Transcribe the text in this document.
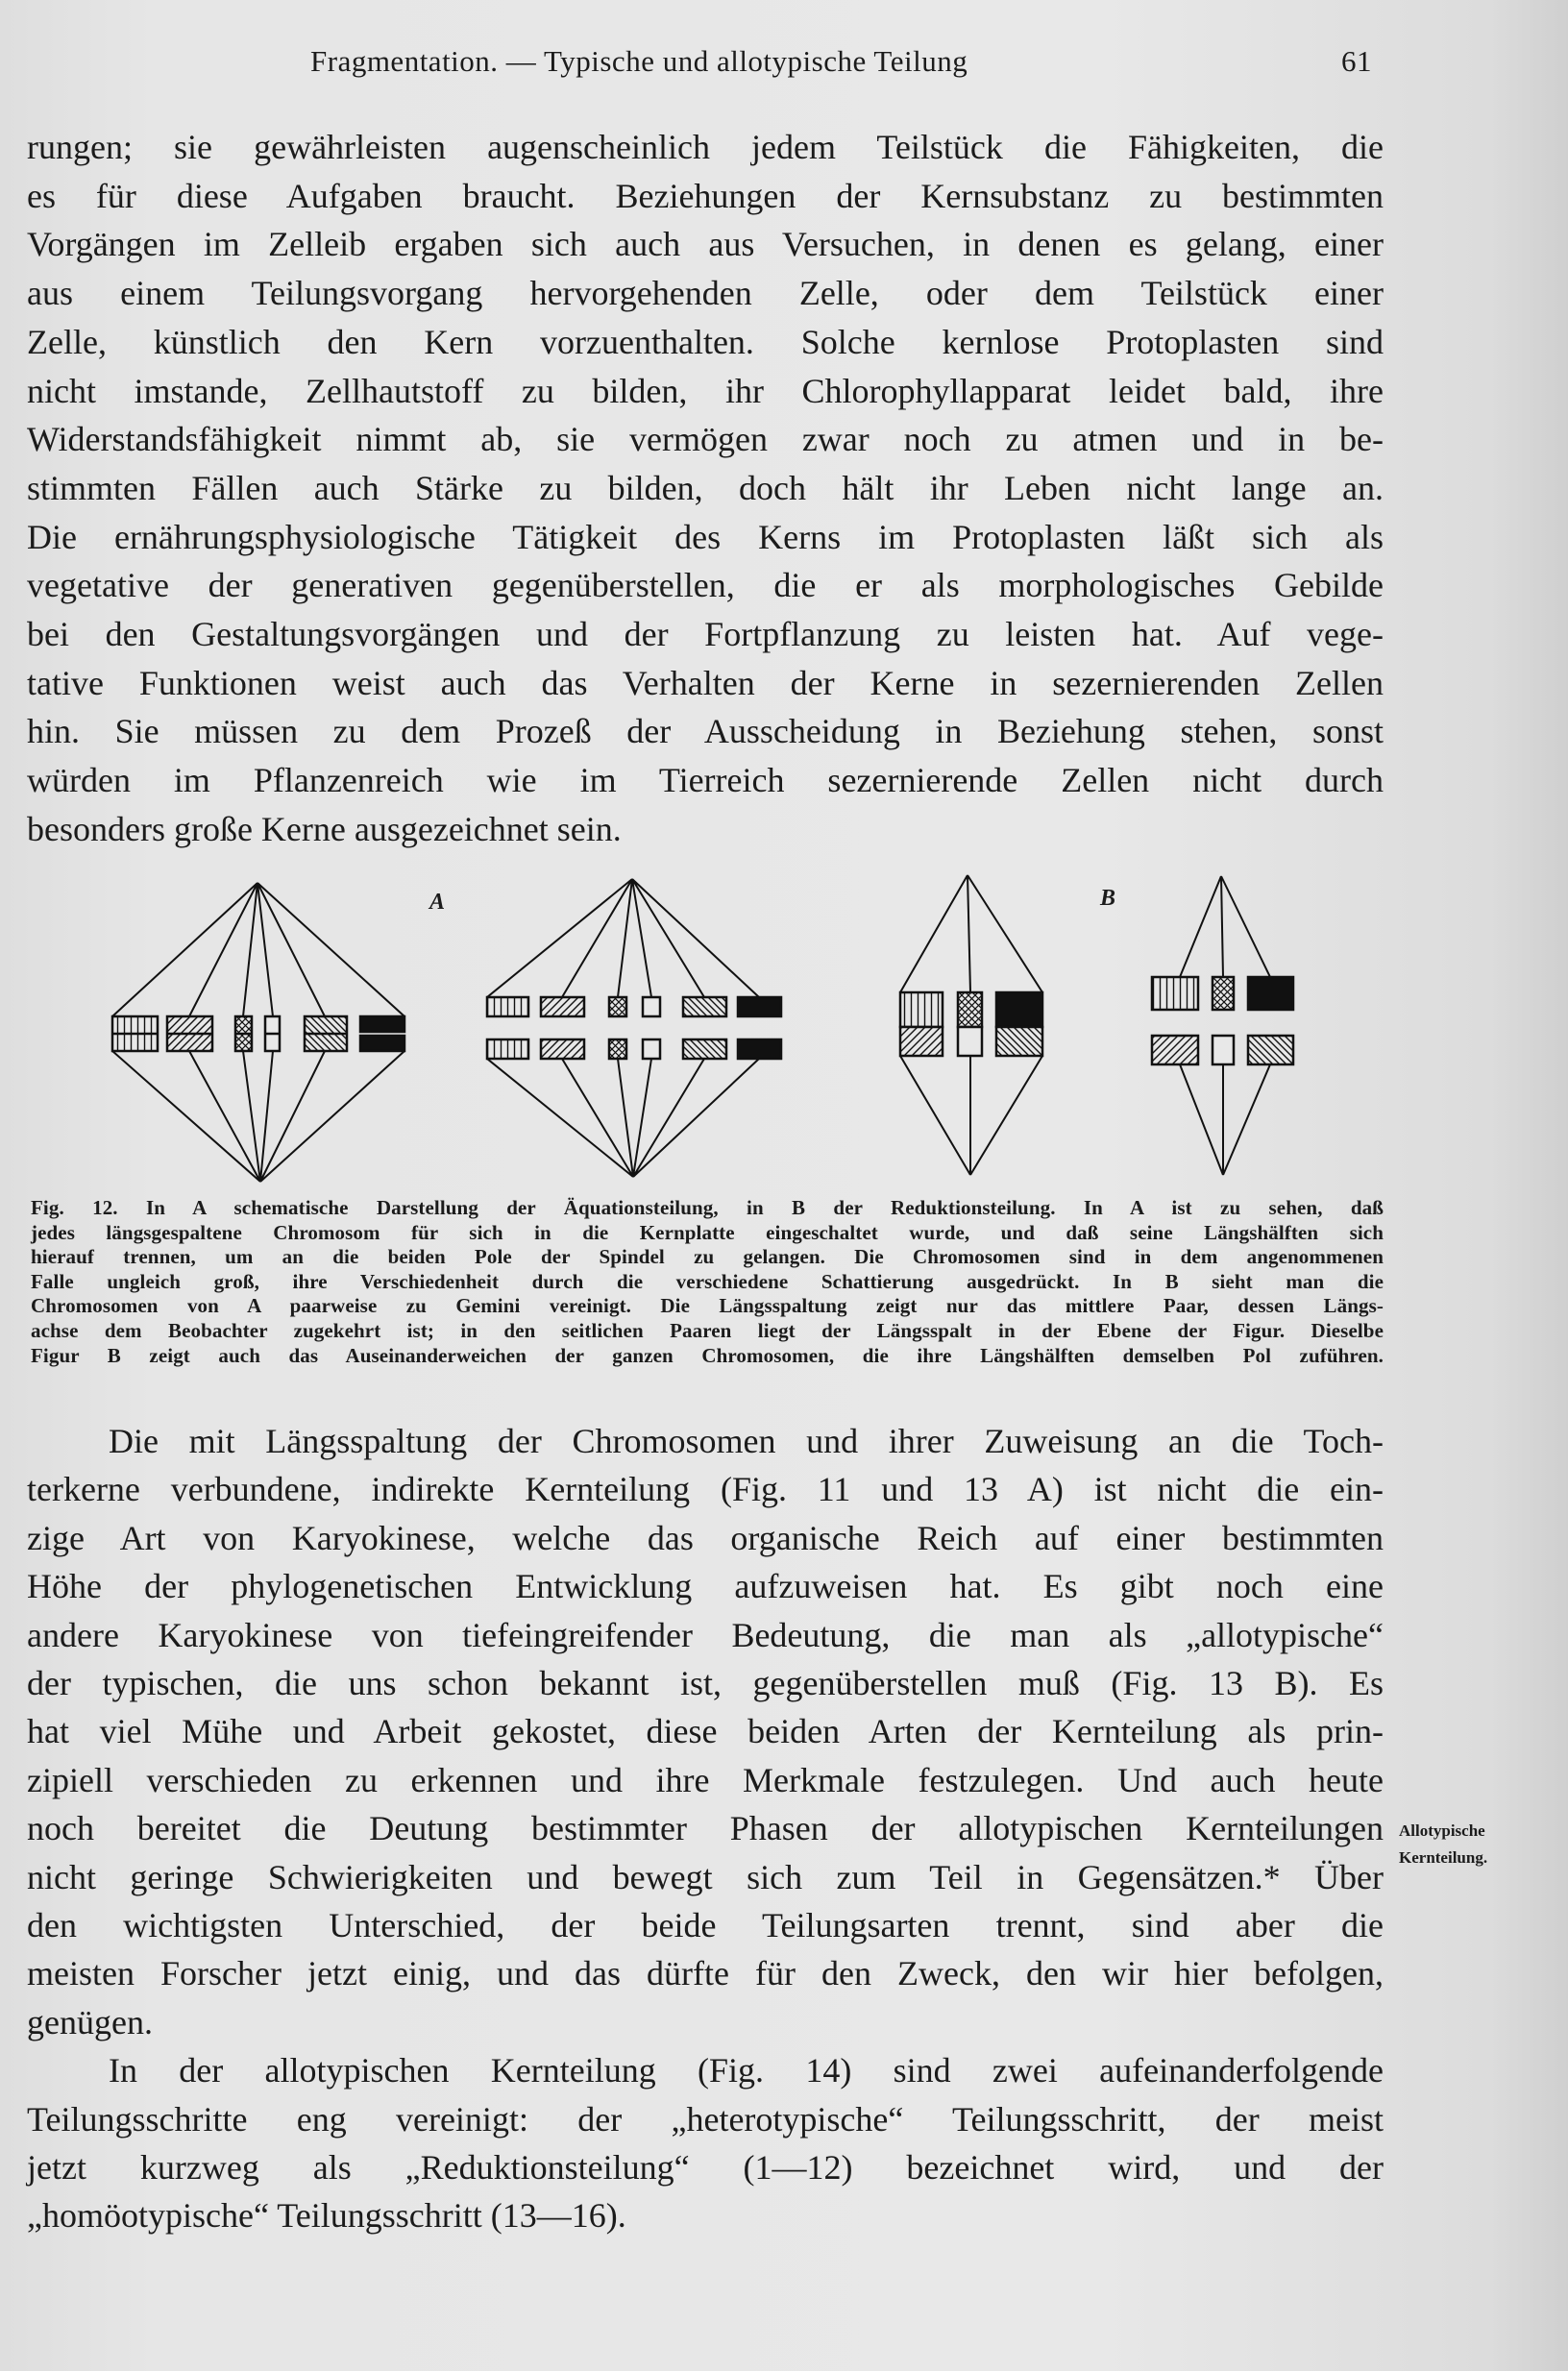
Fragmentation. — Typische und allotypische Teilung	61
rungen; sie gewährleisten augenscheinlich jedem Teilstück die Fähigkeiten, die
es für diese Aufgaben braucht. Beziehungen der Kernsubstanz zu bestimmten
Vorgängen im Zelleib ergaben sich auch aus Versuchen, in denen es gelang, einer
aus einem Teilungsvorgang hervorgehenden Zelle, oder dem Teilstück einer
Zelle, künstlich den Kern vorzuenthalten. Solche kernlose Protoplasten sind
nicht imstande, Zellhautstoff zu bilden, ihr Chlorophyllapparat leidet bald, ihre
Widerstandsfähigkeit nimmt ab, sie vermögen zwar noch zu atmen und in be-
stimmten Fällen auch Stärke zu bilden, doch hält ihr Leben nicht lange an.
Die ernährungsphysiologische Tätigkeit des Kerns im Protoplasten läßt sich als
vegetative der generativen gegenüberstellen, die er als morphologisches Gebilde
bei den Gestaltungsvorgängen und der Fortpflanzung zu leisten hat. Auf vege-
tative Funktionen weist auch das Verhalten der Kerne in sezernierenden Zellen
hin. Sie müssen zu dem Prozeß der Ausscheidung in Beziehung stehen, sonst
würden im Pflanzenreich wie im Tierreich sezernierende Zellen nicht durch
besonders große Kerne ausgezeichnet sein.
A	B
Fig. 12. In A schematische Darstellung der Äquationsteilung, in B der Reduktionsteilung. In A ist zu sehen, daß
jedes längsgespaltene Chromosom für sich in die Kernplatte eingeschaltet wurde, und daß seine Längshälften sich
hierauf trennen, um an die beiden Pole der Spindel zu gelangen. Die Chromosomen sind in dem angenommenen
Falle ungleich groß, ihre Verschiedenheit durch die verschiedene Schattierung ausgedrückt. In B sieht man die
Chromosomen von A paarweise zu Gemini vereinigt. Die Längsspaltung zeigt nur das mittlere Paar, dessen Längs-
achse dem Beobachter zugekehrt ist; in den seitlichen Paaren liegt der Längsspalt in der Ebene der Figur. Dieselbe
Figur B zeigt auch das Auseinanderweichen der ganzen Chromosomen, die ihre Längshälften demselben Pol zuführen.
Die mit Längsspaltung der Chromosomen und ihrer Zuweisung an die Toch-
terkerne verbundene, indirekte Kernteilung (Fig. 11 und 13 A) ist nicht die ein-
zige Art von Karyokinese, welche das organische Reich auf einer bestimmten
Höhe der phylogenetischen Entwicklung aufzuweisen hat. Es gibt noch eine
andere Karyokinese von tiefeingreifender Bedeutung, die man als „allotypische“
der typischen, die uns schon bekannt ist, gegenüberstellen muß (Fig. 13 B). Es
hat viel Mühe und Arbeit gekostet, diese beiden Arten der Kernteilung als prin-
zipiell verschieden zu erkennen und ihre Merkmale festzulegen. Und auch heute
noch bereitet die Deutung bestimmter Phasen der allotypischen Kernteilungen
nicht geringe Schwierigkeiten und bewegt sich zum Teil in Gegensätzen.* Über
den wichtigsten Unterschied, der beide Teilungsarten trennt, sind aber die
meisten Forscher jetzt einig, und das dürfte für den Zweck, den wir hier befolgen,
genügen.
In der allotypischen Kernteilung (Fig. 14) sind zwei aufeinanderfolgende
Teilungsschritte eng vereinigt: der „heterotypische“ Teilungsschritt, der meist
jetzt kurzweg als „Reduktionsteilung“ (1—12) bezeichnet wird, und der
„homöotypische“ Teilungsschritt (13—16).
Allotypische
Kernteilung.
